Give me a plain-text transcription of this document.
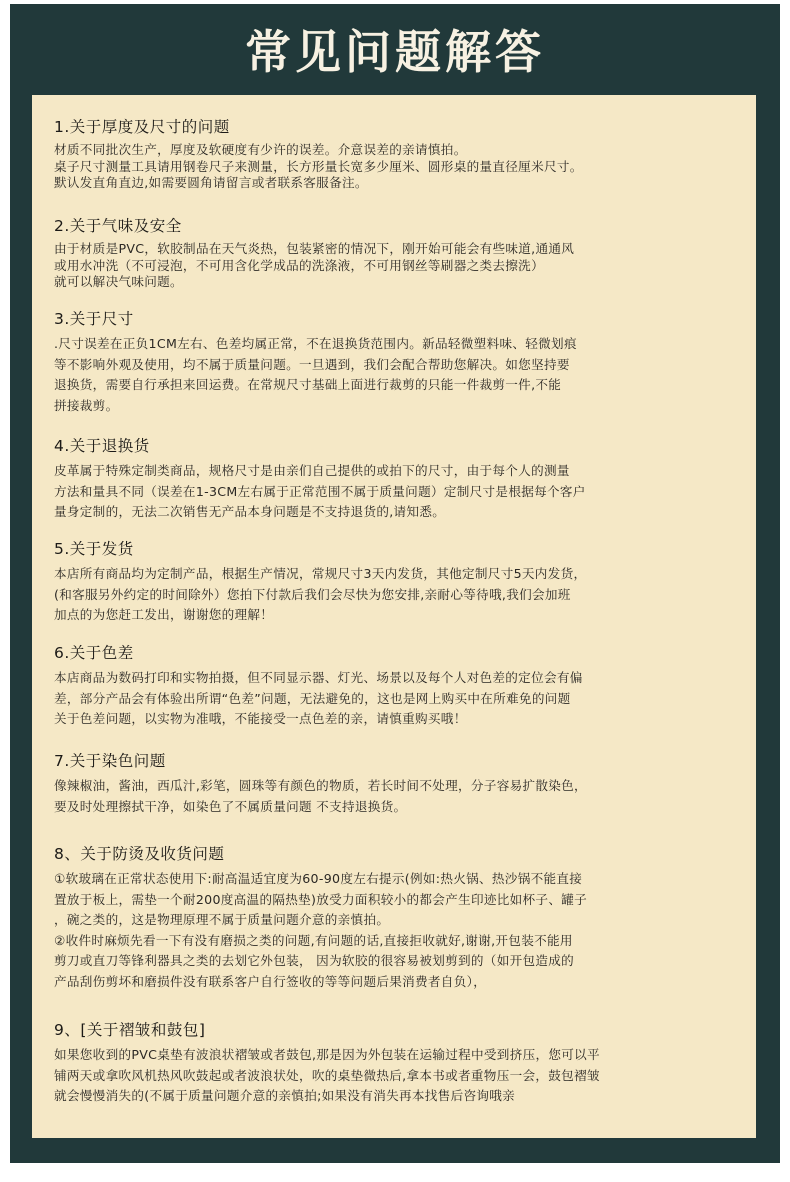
常见问题解答
1.关于厚度及尺寸的问题
材质不同批次生产，厚度及软硬度有少许的误差。介意误差的亲请慎拍。
桌子尺寸测量工具请用钢卷尺子来测量，长方形量长宽多少厘米、圆形桌的量直径厘米尺寸。
默认发直角直边,如需要圆角请留言或者联系客服备注。
2.关于气味及安全
由于材质是PVC，软胶制品在天气炎热，包装紧密的情况下，刚开始可能会有些味道,通通风
或用水冲洗（不可浸泡，不可用含化学成品的洗涤液，不可用钢丝等刷器之类去擦洗）
就可以解决气味问题。
3.关于尺寸
.尺寸误差在正负1CM左右、色差均属正常，不在退换货范围内。新品轻微塑料味、轻微划痕
等不影响外观及使用，均不属于质量问题。一旦遇到，我们会配合帮助您解决。如您坚持要
退换货，需要自行承担来回运费。在常规尺寸基础上面进行裁剪的只能一件裁剪一件,不能
拼接裁剪。
4.关于退换货
皮革属于特殊定制类商品，规格尺寸是由亲们自己提供的或拍下的尺寸，由于每个人的测量
方法和量具不同（误差在1-3CM左右属于正常范围不属于质量问题）定制尺寸是根据每个客户
量身定制的，无法二次销售无产品本身问题是不支持退货的,请知悉。
5.关于发货
本店所有商品均为定制产品，根据生产情况，常规尺寸3天内发货，其他定制尺寸5天内发货，
(和客服另外约定的时间除外）您拍下付款后我们会尽快为您安排,亲耐心等待哦,我们会加班
加点的为您赶工发出，谢谢您的理解！
6.关于色差
本店商品为数码打印和实物拍摄，但不同显示器、灯光、场景以及每个人对色差的定位会有偏
差，部分产品会有体验出所谓“色差”问题，无法避免的，这也是网上购买中在所难免的问题
关于色差问题，以实物为准哦，不能接受一点色差的亲，请慎重购买哦！
7.关于染色问题
像辣椒油，酱油，西瓜汁,彩笔，圆珠等有颜色的物质，若长时间不处理，分子容易扩散染色，
要及时处理擦拭干净，如染色了不属质量问题 不支持退换货。
8、关于防烫及收货问题
①软玻璃在正常状态使用下:耐高温适宜度为60-90度左右提示(例如:热火锅、热沙锅不能直接
置放于板上，需垫一个耐200度高温的隔热垫)放受力面积较小的都会产生印迹比如杯子、罐子
，碗之类的，这是物理原理不属于质量问题介意的亲慎拍。
②收件时麻烦先看一下有没有磨损之类的问题,有问题的话,直接拒收就好,谢谢,开包装不能用
剪刀或直刀等锋利器具之类的去划它外包装， 因为软胶的很容易被划剪到的（如开包造成的
产品刮伤剪坏和磨损件没有联系客户自行签收的等等问题后果消费者自负），
9、[关于褶皱和鼓包]
如果您收到的PVC桌垫有波浪状褶皱或者鼓包,那是因为外包装在运输过程中受到挤压，您可以平
铺两天或拿吹风机热风吹鼓起或者波浪状处，吹的桌垫微热后,拿本书或者重物压一会，鼓包褶皱
就会慢慢消失的(不属于质量问题介意的亲慎拍;如果没有消失再本找售后咨询哦亲
